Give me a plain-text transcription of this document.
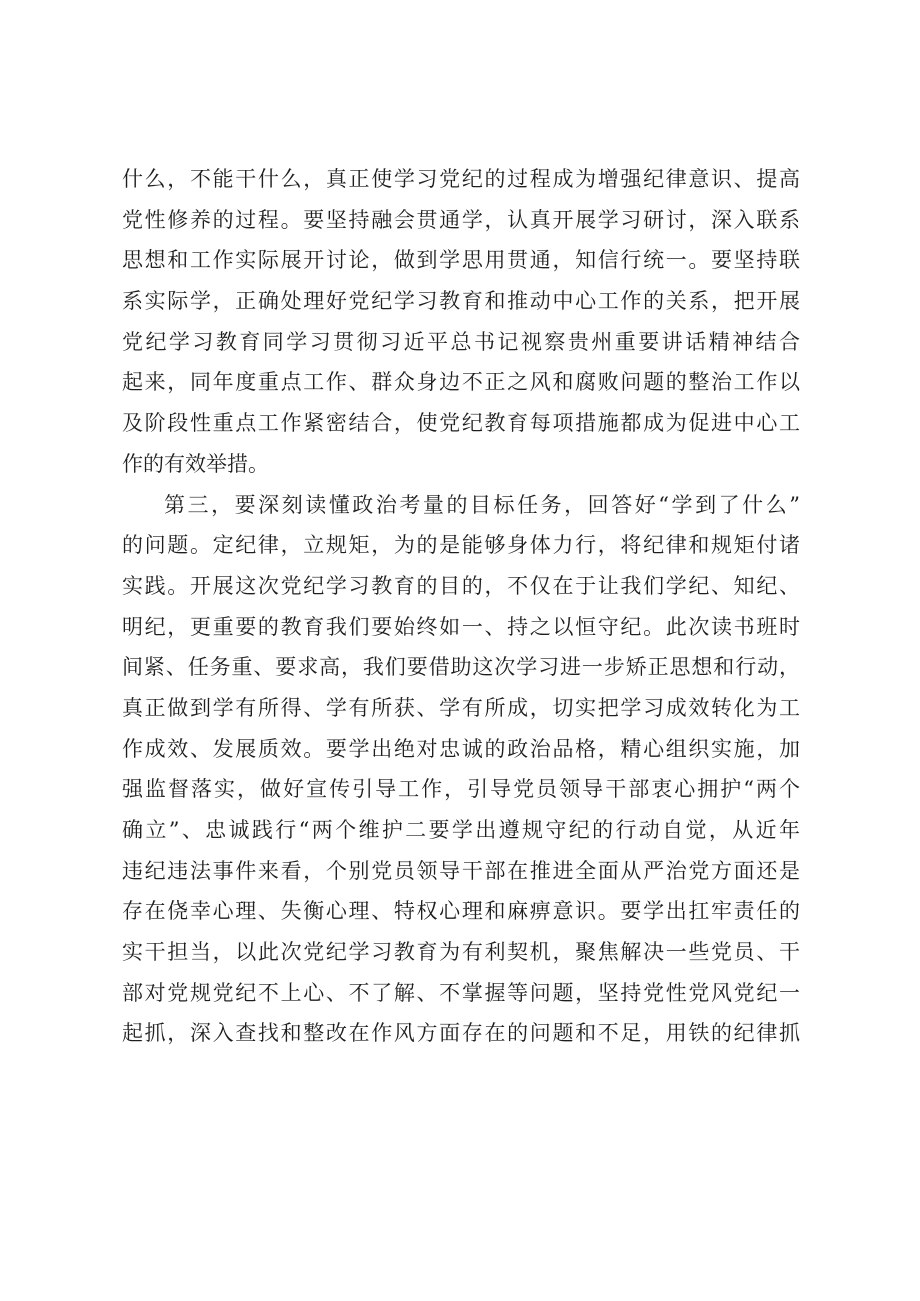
什么，不能干什么，真正使学习党纪的过程成为增强纪律意识、提高
党性修养的过程。要坚持融会贯通学，认真开展学习研讨，深入联系
思想和工作实际展开讨论，做到学思用贯通，知信行统一。要坚持联
系实际学，正确处理好党纪学习教育和推动中心工作的关系，把开展
党纪学习教育同学习贯彻习近平总书记视察贵州重要讲话精神结合
起来，同年度重点工作、群众身边不正之风和腐败问题的整治工作以
及阶段性重点工作紧密结合，使党纪教育每项措施都成为促进中心工
作的有效举措。
第三，要深刻读懂政治考量的目标任务，回答好“学到了什么”
的问题。定纪律，立规矩，为的是能够身体力行，将纪律和规矩付诸
实践。开展这次党纪学习教育的目的，不仅在于让我们学纪、知纪、
明纪，更重要的教育我们要始终如一、持之以恒守纪。此次读书班时
间紧、任务重、要求高，我们要借助这次学习进一步矫正思想和行动，
真正做到学有所得、学有所获、学有所成，切实把学习成效转化为工
作成效、发展质效。要学出绝对忠诚的政治品格，精心组织实施，加
强监督落实，做好宣传引导工作，引导党员领导干部衷心拥护“两个
确立”、忠诚践行“两个维护二要学出遵规守纪的行动自觉，从近年
违纪违法事件来看，个别党员领导干部在推进全面从严治党方面还是
存在侥幸心理、失衡心理、特权心理和麻痹意识。要学出扛牢责任的
实干担当，以此次党纪学习教育为有利契机，聚焦解决一些党员、干
部对党规党纪不上心、不了解、不掌握等问题，坚持党性党风党纪一
起抓，深入查找和整改在作风方面存在的问题和不足，用铁的纪律抓
